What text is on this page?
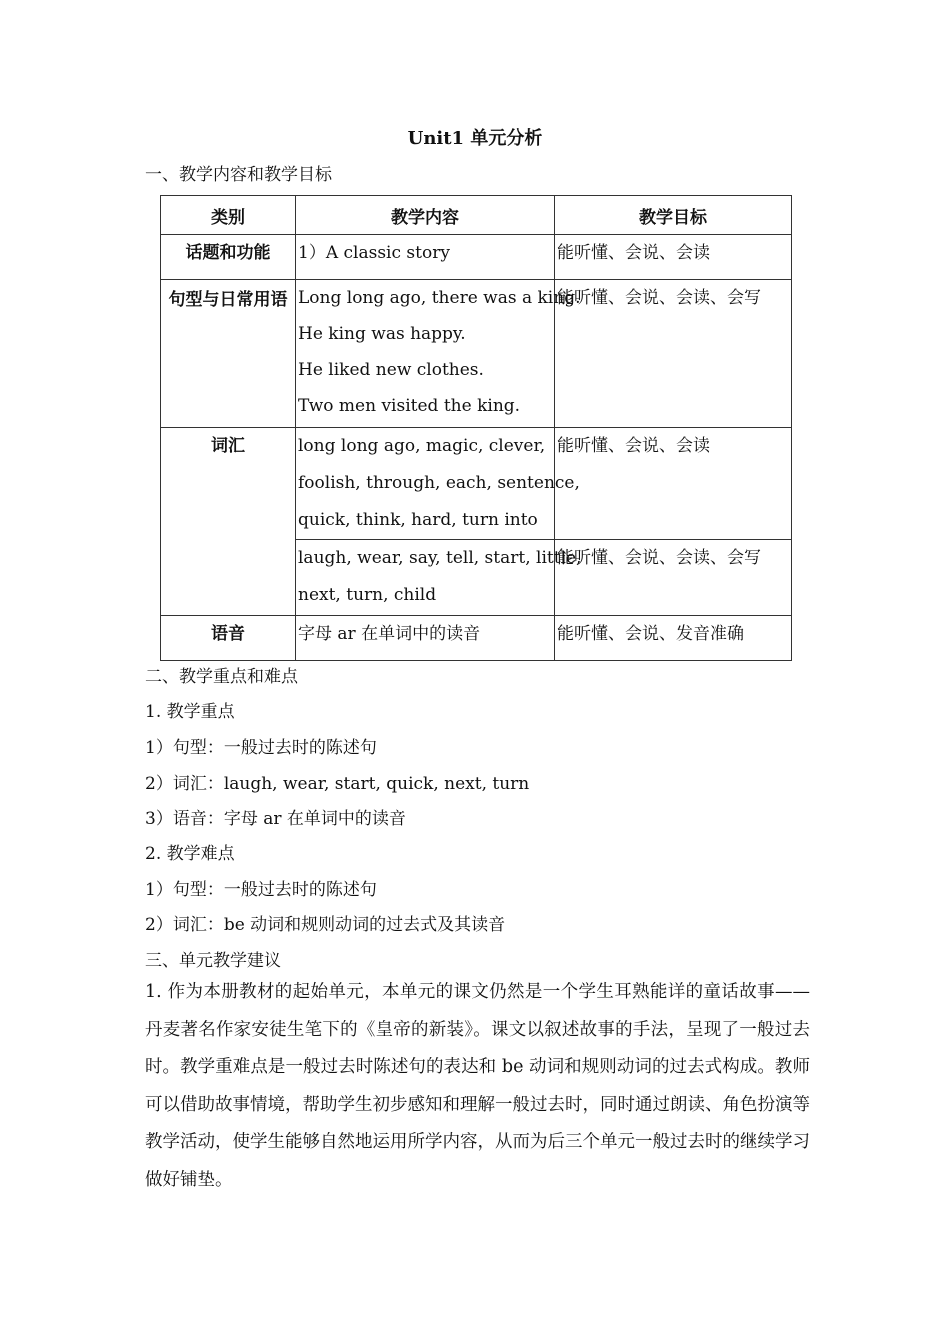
Unit1 单元分析
一、教学内容和教学目标
类别	教学内容	教学目标

话题和功能	1）A classic story	能听懂、会说、会读

句型与日常用语	Long long ago, there was a king.
He king was happy.
He liked new clothes.
Two men visited the king.	能听懂、会说、会读、会写

词汇	long long ago, magic, clever,
foolish, through, each, sentence,
quick, think, hard, turn into	能听懂、会说、会读

	laugh, wear, say, tell, start, little,
next, turn, child	能听懂、会说、会读、会写

语音	字母 ar 在单词中的读音	能听懂、会说、发音准确
二、教学重点和难点
1. 教学重点
1）句型：一般过去时的陈述句
2）词汇：laugh, wear, start, quick, next, turn
3）语音：字母 ar 在单词中的读音
2. 教学难点
1）句型：一般过去时的陈述句
2）词汇：be 动词和规则动词的过去式及其读音
三、单元教学建议
1. 作为本册教材的起始单元，本单元的课文仍然是一个学生耳熟能详的童话故事——丹麦著名作家安徒生笔下的《皇帝的新装》。课文以叙述故事的手法，呈现了一般过去时。教学重难点是一般过去时陈述句的表达和 be 动词和规则动词的过去式构成。教师可以借助故事情境，帮助学生初步感知和理解一般过去时，同时通过朗读、角色扮演等教学活动，使学生能够自然地运用所学内容，从而为后三个单元一般过去时的继续学习做好铺垫。
